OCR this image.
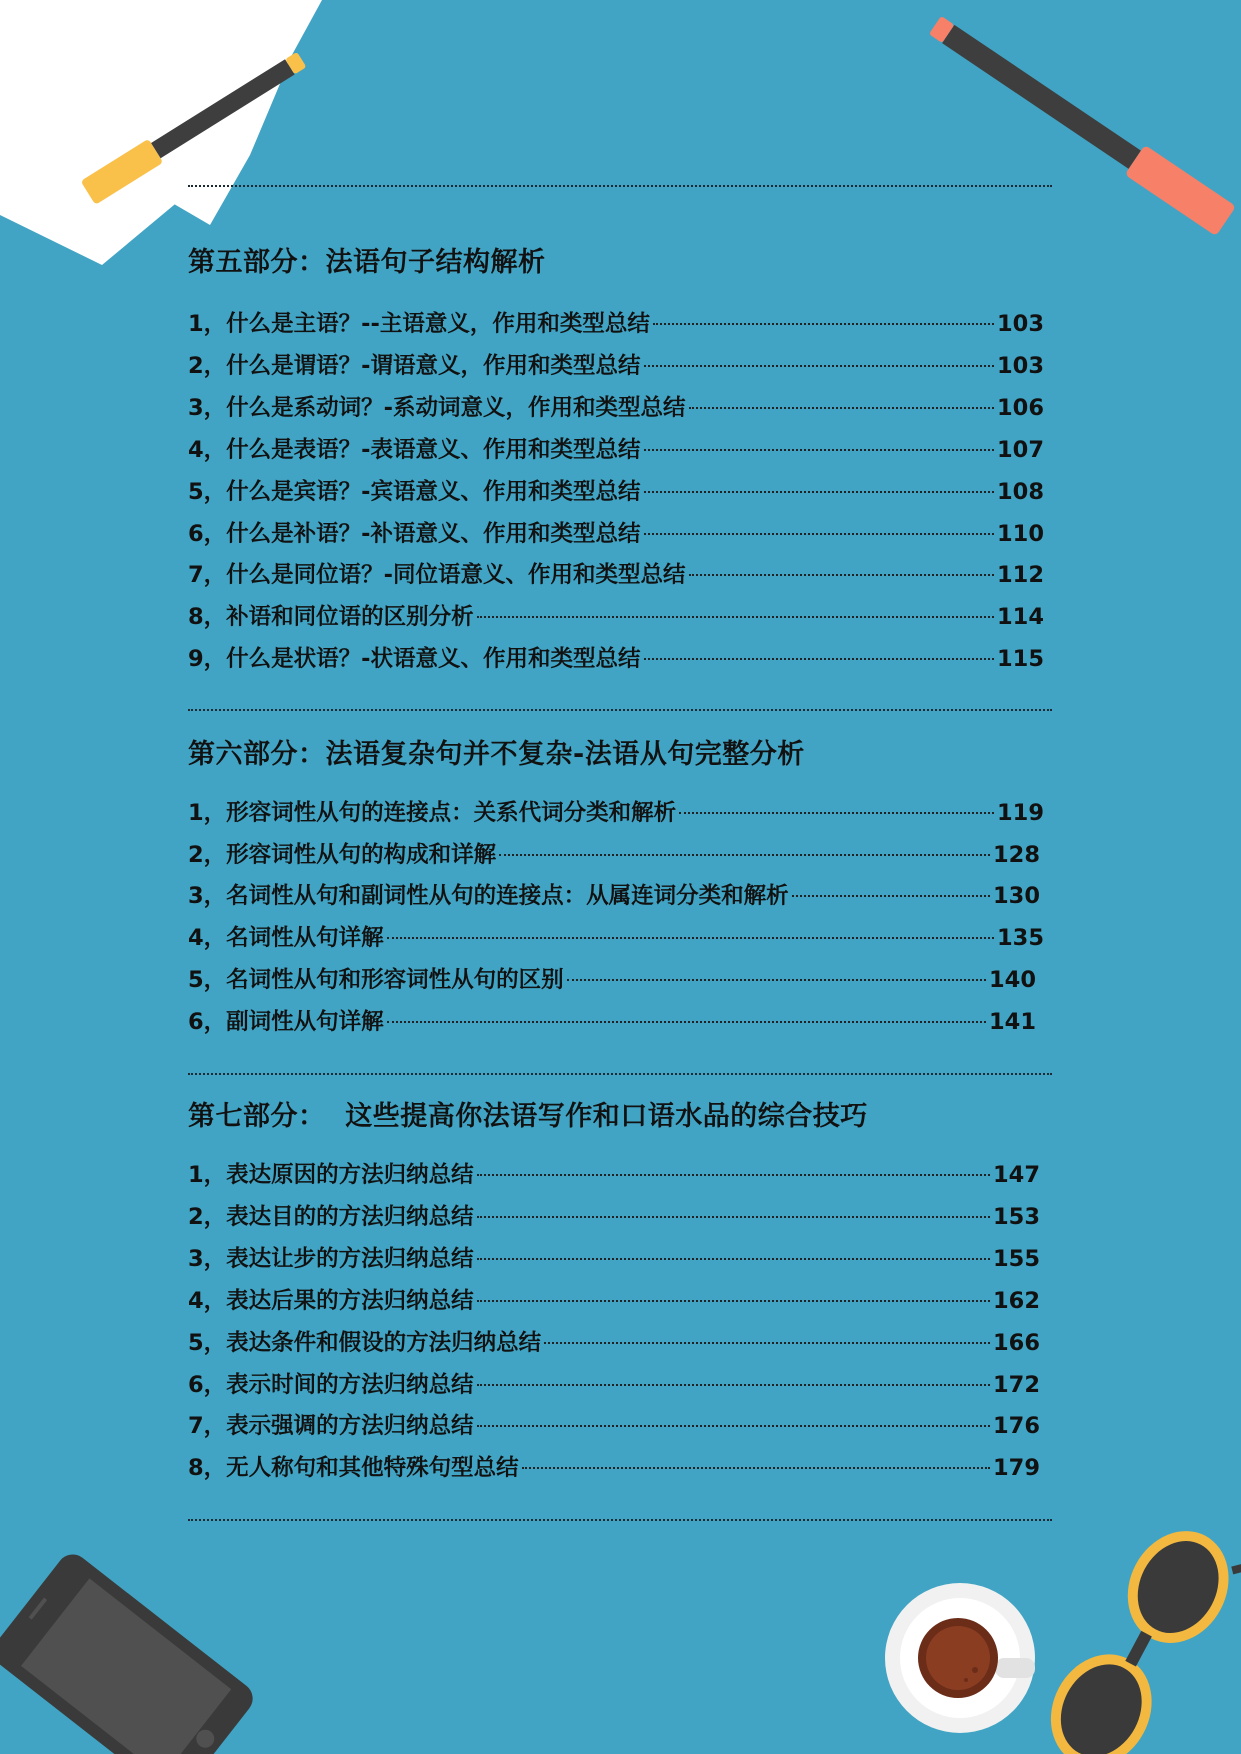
第五部分：法语句子结构解析
1，什么是主语？--主语意义，作用和类型总结	103
2，什么是谓语？-谓语意义，作用和类型总结	103
3，什么是系动词？-系动词意义，作用和类型总结	106
4，什么是表语？-表语意义、作用和类型总结	107
5，什么是宾语？-宾语意义、作用和类型总结	108
6，什么是补语？-补语意义、作用和类型总结	110
7，什么是同位语？-同位语意义、作用和类型总结	112
8，补语和同位语的区别分析	114
9，什么是状语？-状语意义、作用和类型总结	115
第六部分：法语复杂句并不复杂-法语从句完整分析
1，形容词性从句的连接点：关系代词分类和解析	119
2，形容词性从句的构成和详解	128
3，名词性从句和副词性从句的连接点：从属连词分类和解析	130
4，名词性从句详解	135
5，名词性从句和形容词性从句的区别	140
6，副词性从句详解	141
第七部分：  这些提高你法语写作和口语水品的综合技巧
1，表达原因的方法归纳总结	147
2，表达目的的方法归纳总结	153
3，表达让步的方法归纳总结	155
4，表达后果的方法归纳总结	162
5，表达条件和假设的方法归纳总结	166
6，表示时间的方法归纳总结	172
7，表示强调的方法归纳总结	176
8，无人称句和其他特殊句型总结	179
